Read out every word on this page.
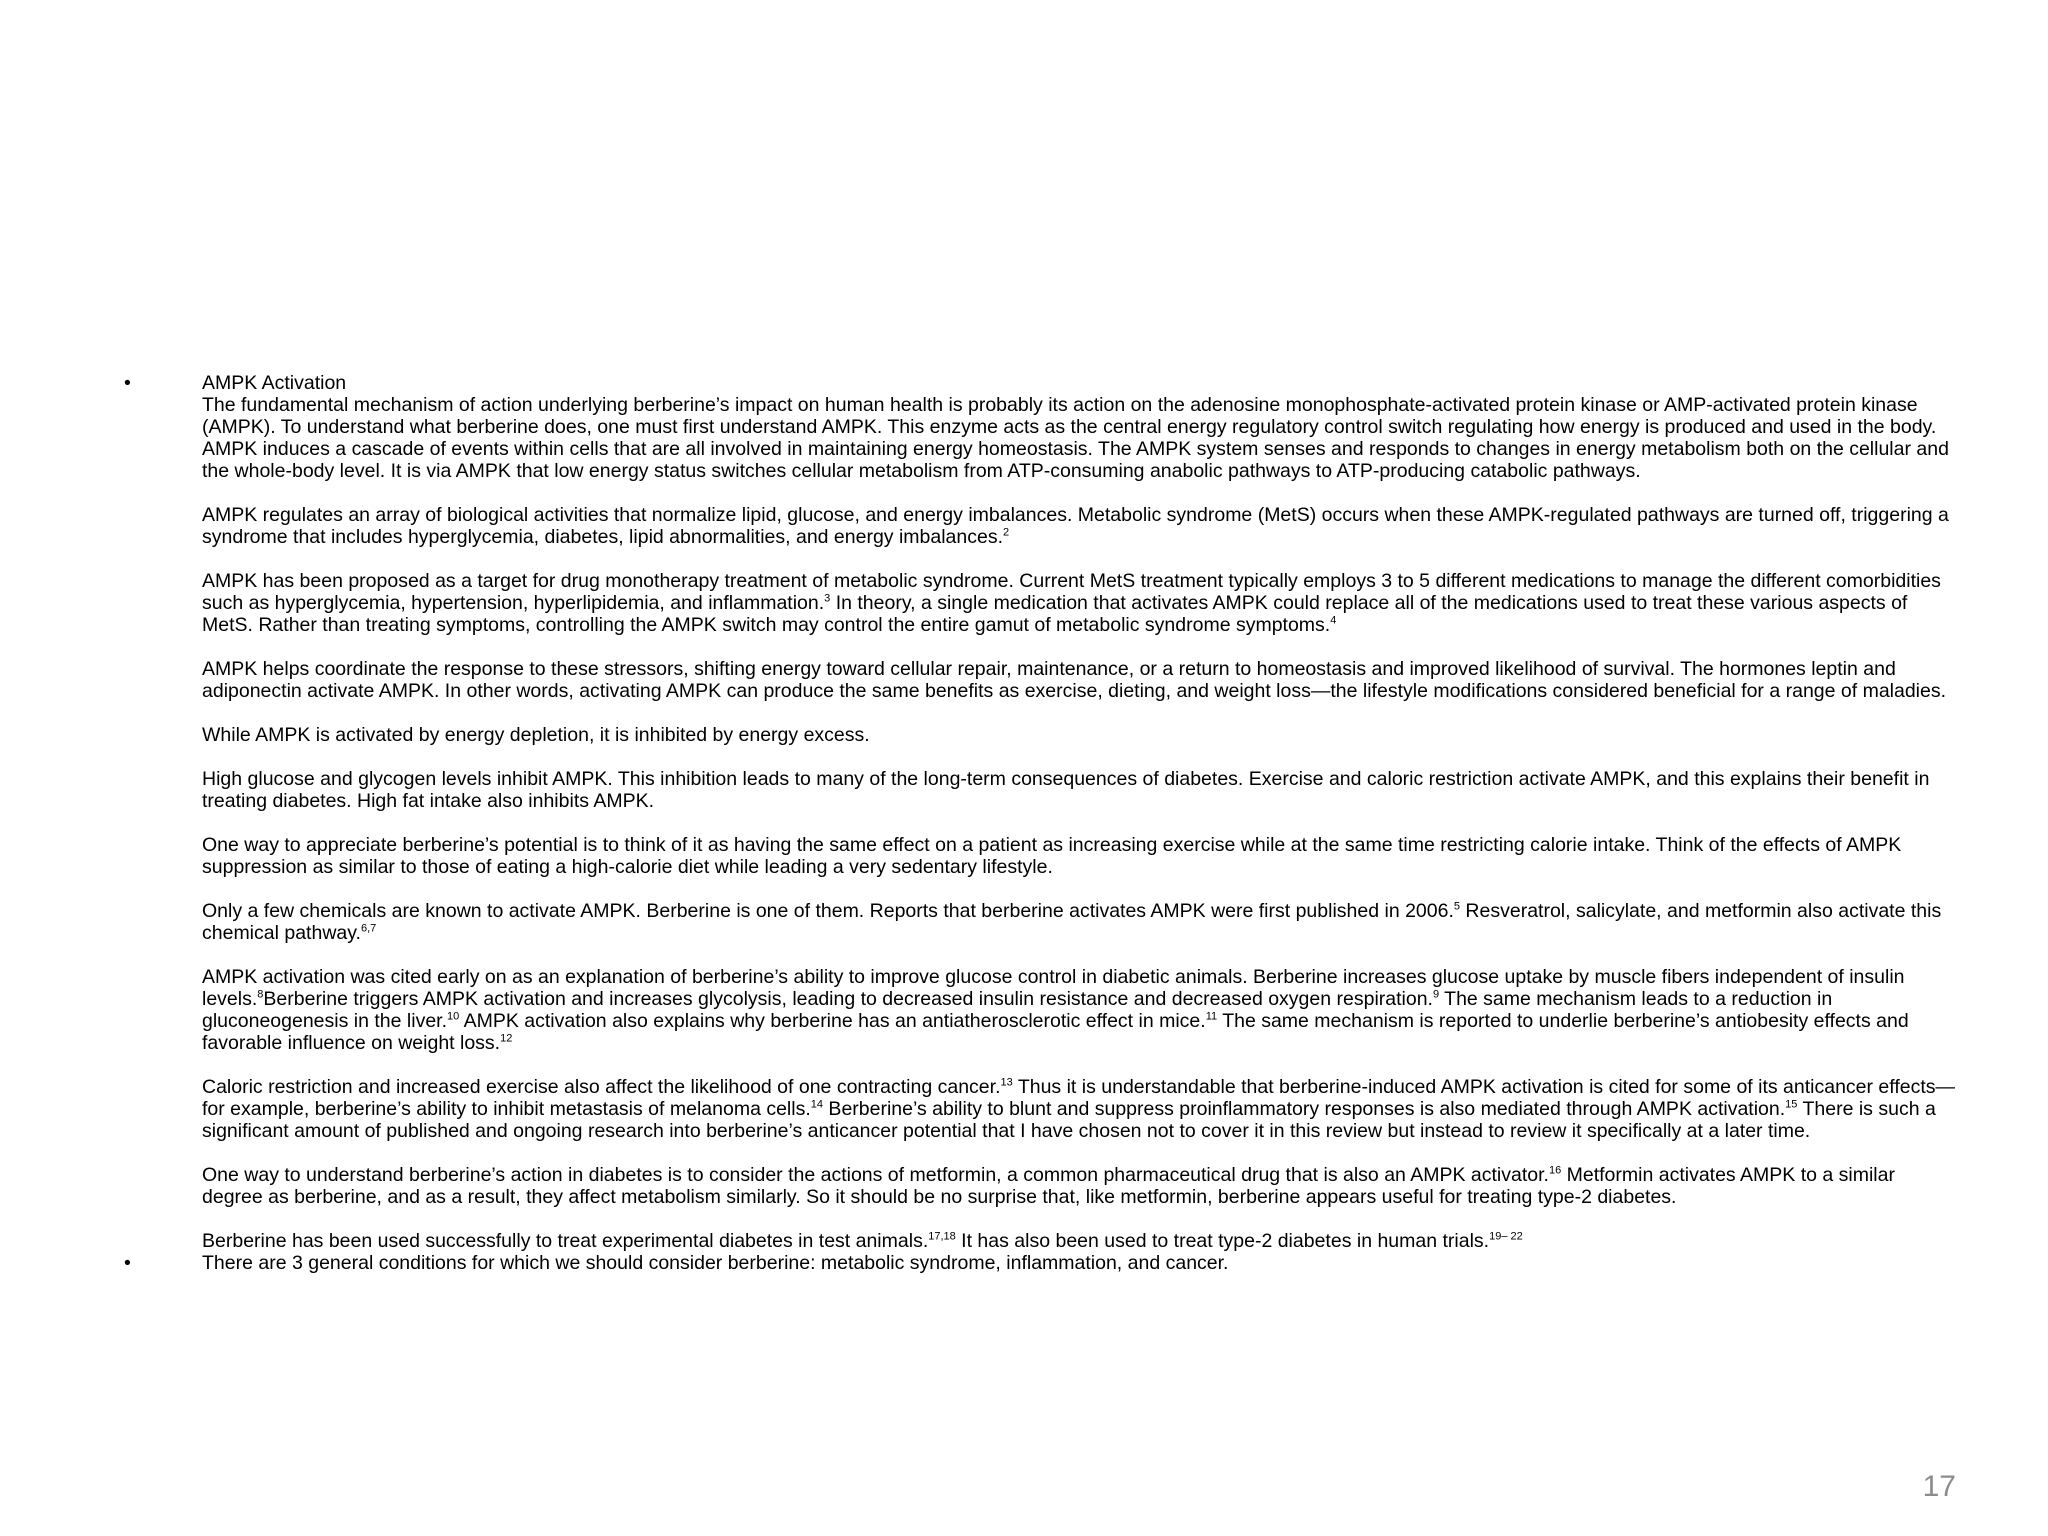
•	AMPK Activation

The fundamental mechanism of action underlying berberine’s impact on human health is probably its action on the adenosine monophosphate-activated protein kinase or AMP-activated protein kinase (AMPK). To understand what berberine does, one must first understand AMPK. This enzyme acts as the central energy regulatory control switch regulating how energy is produced and used in the body. AMPK induces a cascade of events within cells that are all involved in maintaining energy homeostasis. The AMPK system senses and responds to changes in energy metabolism both on the cellular and the whole-body level. It is via AMPK that low energy status switches cellular metabolism from ATP-consuming anabolic pathways to ATP-producing catabolic pathways.

AMPK regulates an array of biological activities that normalize lipid, glucose, and energy imbalances. Metabolic syndrome (MetS) occurs when these AMPK-regulated pathways are turned off, triggering a syndrome that includes hyperglycemia, diabetes, lipid abnormalities, and energy imbalances.$^2$

AMPK has been proposed as a target for drug monotherapy treatment of metabolic syndrome. Current MetS treatment typically employs 3 to 5 different medications to manage the different comorbidities such as hyperglycemia, hypertension, hyperlipidemia, and inflammation.$^3$ In theory, a single medication that activates AMPK could replace all of the medications used to treat these various aspects of MetS. Rather than treating symptoms, controlling the AMPK switch may control the entire gamut of metabolic syndrome symptoms.$^4$

AMPK helps coordinate the response to these stressors, shifting energy toward cellular repair, maintenance, or a return to homeostasis and improved likelihood of survival. The hormones leptin and adiponectin activate AMPK. In other words, activating AMPK can produce the same benefits as exercise, dieting, and weight loss—the lifestyle modifications considered beneficial for a range of maladies.

While AMPK is activated by energy depletion, it is inhibited by energy excess.

High glucose and glycogen levels inhibit AMPK. This inhibition leads to many of the long-term consequences of diabetes. Exercise and caloric restriction activate AMPK, and this explains their benefit in treating diabetes. High fat intake also inhibits AMPK.

One way to appreciate berberine’s potential is to think of it as having the same effect on a patient as increasing exercise while at the same time restricting calorie intake. Think of the effects of AMPK suppression as similar to those of eating a high-calorie diet while leading a very sedentary lifestyle.

Only a few chemicals are known to activate AMPK. Berberine is one of them. Reports that berberine activates AMPK were first published in 2006.$^5$ Resveratrol, salicylate, and metformin also activate this chemical pathway.$^{6,7}$

AMPK activation was cited early on as an explanation of berberine’s ability to improve glucose control in diabetic animals. Berberine increases glucose uptake by muscle fibers independent of insulin levels.$^8$Berberine triggers AMPK activation and increases glycolysis, leading to decreased insulin resistance and decreased oxygen respiration.$^9$ The same mechanism leads to a reduction in gluconeogenesis in the liver.$^{10}$ AMPK activation also explains why berberine has an antiatherosclerotic effect in mice.$^{11}$ The same mechanism is reported to underlie berberine’s antiobesity effects and favorable influence on weight loss.$^{12}$

Caloric restriction and increased exercise also affect the likelihood of one contracting cancer.$^{13}$ Thus it is understandable that berberine-induced AMPK activation is cited for some of its anticancer effects—for example, berberine’s ability to inhibit metastasis of melanoma cells.$^{14}$ Berberine’s ability to blunt and suppress proinflammatory responses is also mediated through AMPK activation.$^{15}$ There is such a significant amount of published and ongoing research into berberine’s anticancer potential that I have chosen not to cover it in this review but instead to review it specifically at a later time.

One way to understand berberine’s action in diabetes is to consider the actions of metformin, a common pharmaceutical drug that is also an AMPK activator.$^{16}$ Metformin activates AMPK to a similar degree as berberine, and as a result, they affect metabolism similarly. So it should be no surprise that, like metformin, berberine appears useful for treating type-2 diabetes.

Berberine has been used successfully to treat experimental diabetes in test animals.$^{17,18}$ It has also been used to treat type-2 diabetes in human trials.$^{19- 22}$

•	There are 3 general conditions for which we should consider berberine: metabolic syndrome, inflammation, and cancer.

17
